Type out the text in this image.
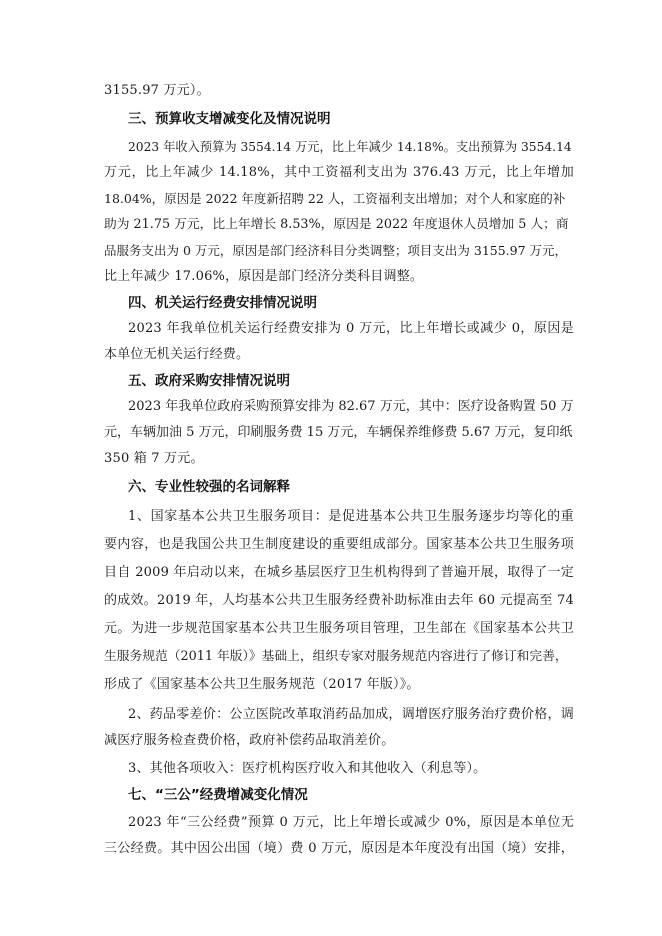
3155.97 万元）。
三、预算收支增减变化及情况说明
2023 年收入预算为 3554.14 万元，比上年减少 14.18%。支出预算为 3554.14
万元，比上年减少 14.18%，其中工资福利支出为 376.43 万元，比上年增加
18.04%，原因是 2022 年度新招聘 22 人，工资福利支出增加；对个人和家庭的补
助为 21.75 万元，比上年增长 8.53%，原因是 2022 年度退休人员增加 5 人；商
品服务支出为 0 万元，原因是部门经济科目分类调整；项目支出为 3155.97 万元，
比上年减少 17.06%，原因是部门经济分类科目调整。
四、机关运行经费安排情况说明
2023 年我单位机关运行经费安排为 0 万元，比上年增长或减少 0，原因是
本单位无机关运行经费。
五、政府采购安排情况说明
2023 年我单位政府采购预算安排为 82.67 万元，其中：医疗设备购置 50 万
元，车辆加油 5 万元，印刷服务费 15 万元，车辆保养维修费 5.67 万元，复印纸
350 箱 7 万元。
六、专业性较强的名词解释
1、国家基本公共卫生服务项目：是促进基本公共卫生服务逐步均等化的重
要内容，也是我国公共卫生制度建设的重要组成部分。国家基本公共卫生服务项
目自 2009 年启动以来，在城乡基层医疗卫生机构得到了普遍开展，取得了一定
的成效。2019 年，人均基本公共卫生服务经费补助标准由去年 60 元提高至 74
元。为进一步规范国家基本公共卫生服务项目管理，卫生部在《国家基本公共卫
生服务规范（2011 年版）》基础上，组织专家对服务规范内容进行了修订和完善，
形成了《国家基本公共卫生服务规范（2017 年版）》。
2、药品零差价：公立医院改革取消药品加成，调增医疗服务治疗费价格，调
减医疗服务检查费价格，政府补偿药品取消差价。
3、其他各项收入：医疗机构医疗收入和其他收入（利息等）。
七、“三公”经费增减变化情况
2023 年“三公经费”预算 0 万元，比上年增长或减少 0%，原因是本单位无
三公经费。其中因公出国（境）费 0 万元，原因是本年度没有出国（境）安排，
